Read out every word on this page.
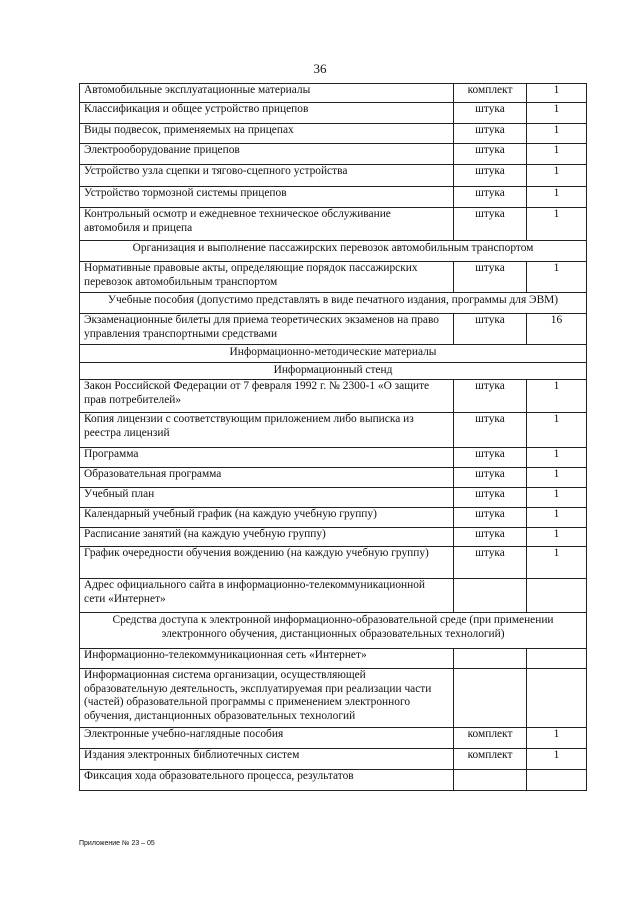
36
Автомобильные эксплуатационные материалы	комплект	1
Классификация и общее устройство прицепов	штука	1
Виды подвесок, применяемых на прицепах	штука	1
Электрооборудование прицепов	штука	1
Устройство узла сцепки и тягово-сцепного устройства	штука	1
Устройство тормозной системы прицепов	штука	1
Контрольный осмотр и ежедневное техническое обслуживание автомобиля и прицепа	штука	1
Организация и выполнение пассажирских перевозок автомобильным транспортом		
Нормативные правовые акты, определяющие порядок пассажирских перевозок автомобильным транспортом	штука	1
Учебные пособия (допустимо представлять в виде печатного издания, программы для ЭВМ)		
Экзаменационные билеты для приема теоретических экзаменов на право управления транспортными средствами	штука	16
Информационно-методические материалы		
Информационный стенд		
Закон Российской Федерации от 7 февраля 1992 г. № 2300-1 «О защите прав потребителей»	штука	1
Копия лицензии с соответствующим приложением либо выписка из реестра лицензий	штука	1
Программа	штука	1
Образовательная программа	штука	1
Учебный план	штука	1
Календарный учебный график (на каждую учебную группу)	штука	1
Расписание занятий (на каждую учебную группу)	штука	1
График очередности обучения вождению (на каждую учебную группу)	штука	1
Адрес официального сайта в информационно-телекоммуникационной сети «Интернет»		
Средства доступа к электронной информационно-образовательной среде (при применении электронного обучения, дистанционных образовательных технологий)		
Информационно-телекоммуникационная сеть «Интернет»		
Информационная система организации, осуществляющей образовательную деятельность, эксплуатируемая при реализации части (частей) образовательной программы с применением электронного обучения, дистанционных образовательных технологий		
Электронные учебно-наглядные пособия	комплект	1
Издания электронных библиотечных систем	комплект	1
Фиксация хода образовательного процесса, результатов		
Приложение № 23 – 05
